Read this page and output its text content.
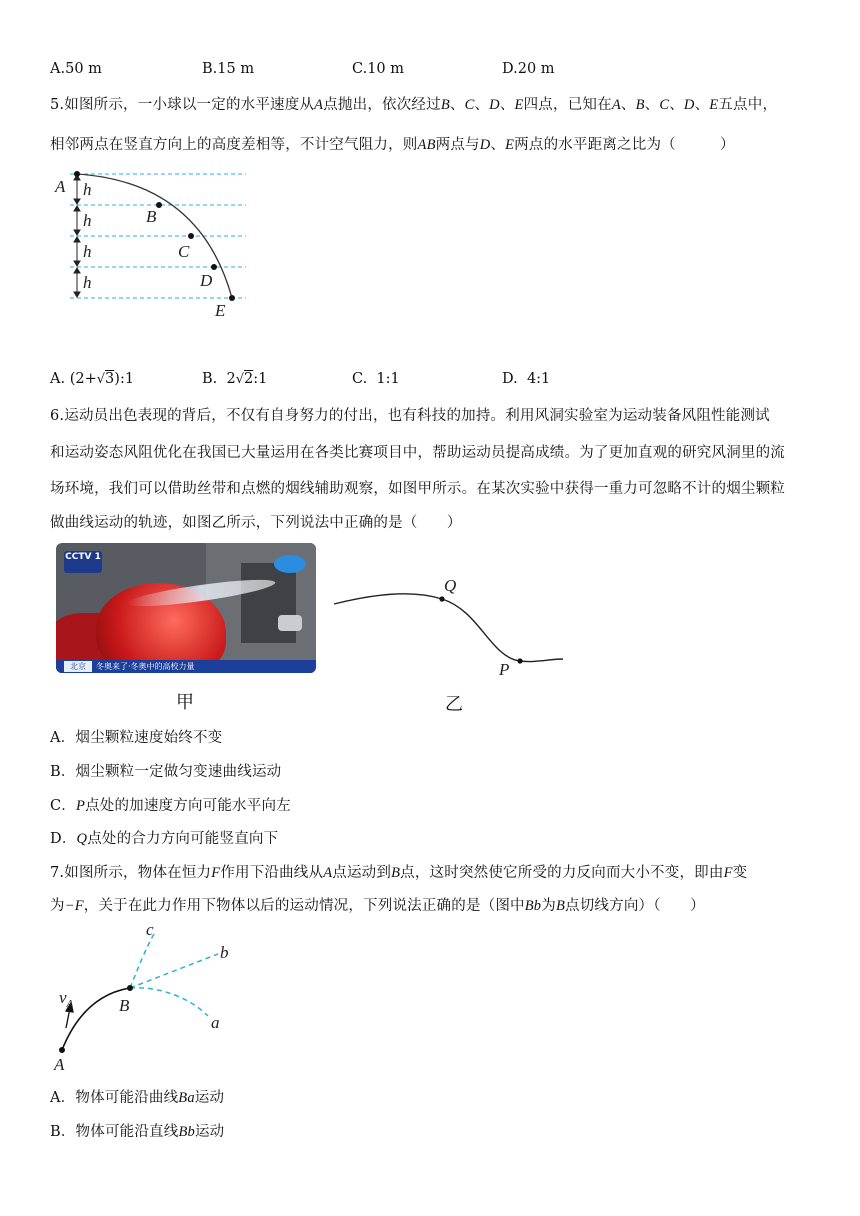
A.50 m	B.15 m	C.10 m	D.20 m
5.如图所示，一小球以一定的水平速度从A点抛出，依次经过B、C、D、E四点，已知在A、B、C、D、E五点中，
相邻两点在竖直方向上的高度差相等，不计空气阻力，则AB两点与D、E两点的水平距离之比为（　　　）
A h
h
h
h
B
C
D
E
A. (2+√3):1	B. 2√2:1	C. 1:1	D. 4:1
6.运动员出色表现的背后，不仅有自身努力的付出，也有科技的加持。利用风洞实验室为运动装备风阻性能测试
和运动姿态风阻优化在我国已大量运用在各类比赛项目中，帮助运动员提高成绩。为了更加直观的研究风洞里的流
场环境，我们可以借助丝带和点燃的烟线辅助观察，如图甲所示。在某次实验中获得一重力可忽略不计的烟尘颗粒
做曲线运动的轨迹，如图乙所示，下列说法中正确的是（　　）
CCTV 1
北京	冬奥来了·冬奥中的高校力量
Q
P
甲	乙
A．烟尘颗粒速度始终不变
B．烟尘颗粒一定做匀变速曲线运动
C．P点处的加速度方向可能水平向左
D．Q点处的合力方向可能竖直向下
7.如图所示，物体在恒力F作用下沿曲线从A点运动到B点，这时突然使它所受的力反向而大小不变，即由F变
为−F，关于在此力作用下物体以后的运动情况，下列说法正确的是（图中Bb为B点切线方向）（　　）
c
b
a
B
A
$v_A$
A．物体可能沿曲线Ba运动
B．物体可能沿直线Bb运动
